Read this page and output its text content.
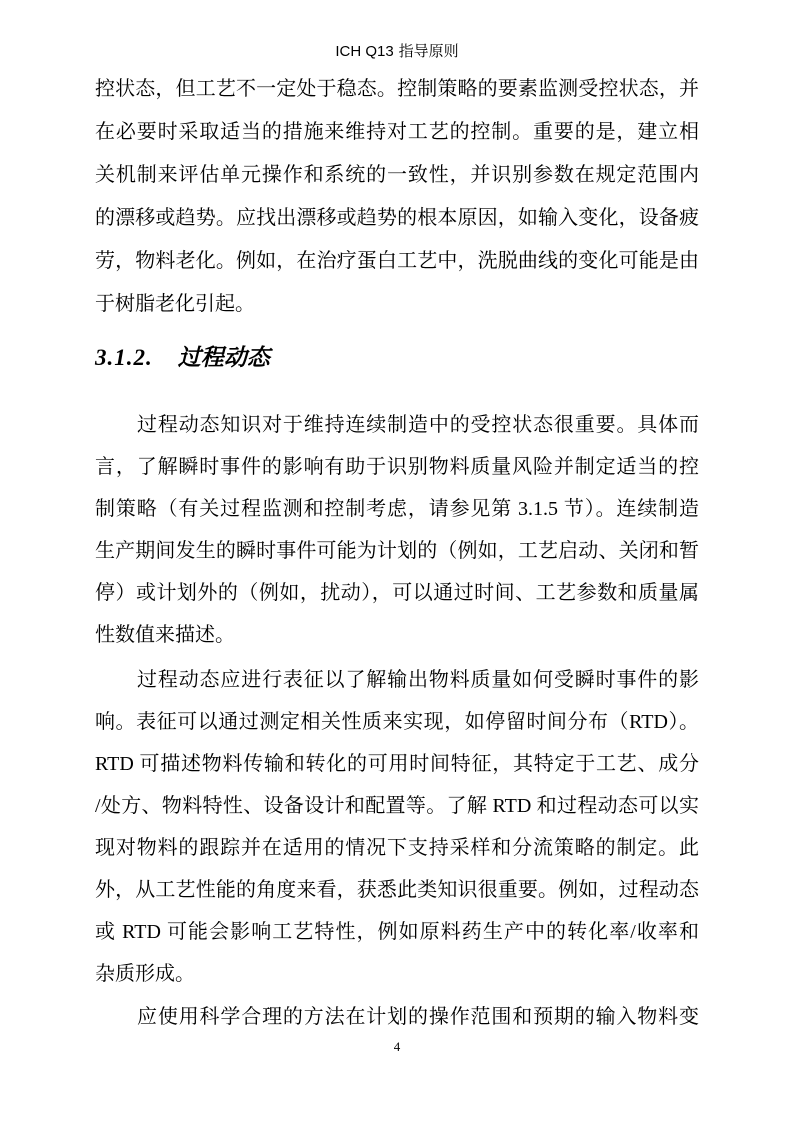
ICH Q13 指导原则
控状态，但工艺不一定处于稳态。控制策略的要素监测受控状态，并
在必要时采取适当的措施来维持对工艺的控制。重要的是，建立相
关机制来评估单元操作和系统的一致性，并识别参数在规定范围内
的漂移或趋势。应找出漂移或趋势的根本原因，如输入变化，设备疲
劳，物料老化。例如，在治疗蛋白工艺中，洗脱曲线的变化可能是由
于树脂老化引起。
3.1.2. 过程动态
过程动态知识对于维持连续制造中的受控状态很重要。具体而
言，了解瞬时事件的影响有助于识别物料质量风险并制定适当的控
制策略（有关过程监测和控制考虑，请参见第 3.1.5 节）。连续制造
生产期间发生的瞬时事件可能为计划的（例如，工艺启动、关闭和暂
停）或计划外的（例如，扰动），可以通过时间、工艺参数和质量属
性数值来描述。
过程动态应进行表征以了解输出物料质量如何受瞬时事件的影
响。表征可以通过测定相关性质来实现，如停留时间分布（RTD）。
RTD 可描述物料传输和转化的可用时间特征，其特定于工艺、成分
/处方、物料特性、设备设计和配置等。了解 RTD 和过程动态可以实
现对物料的跟踪并在适用的情况下支持采样和分流策略的制定。此
外，从工艺性能的角度来看，获悉此类知识很重要。例如，过程动态
或 RTD 可能会影响工艺特性，例如原料药生产中的转化率/收率和
杂质形成。
应使用科学合理的方法在计划的操作范围和预期的输入物料变
4
